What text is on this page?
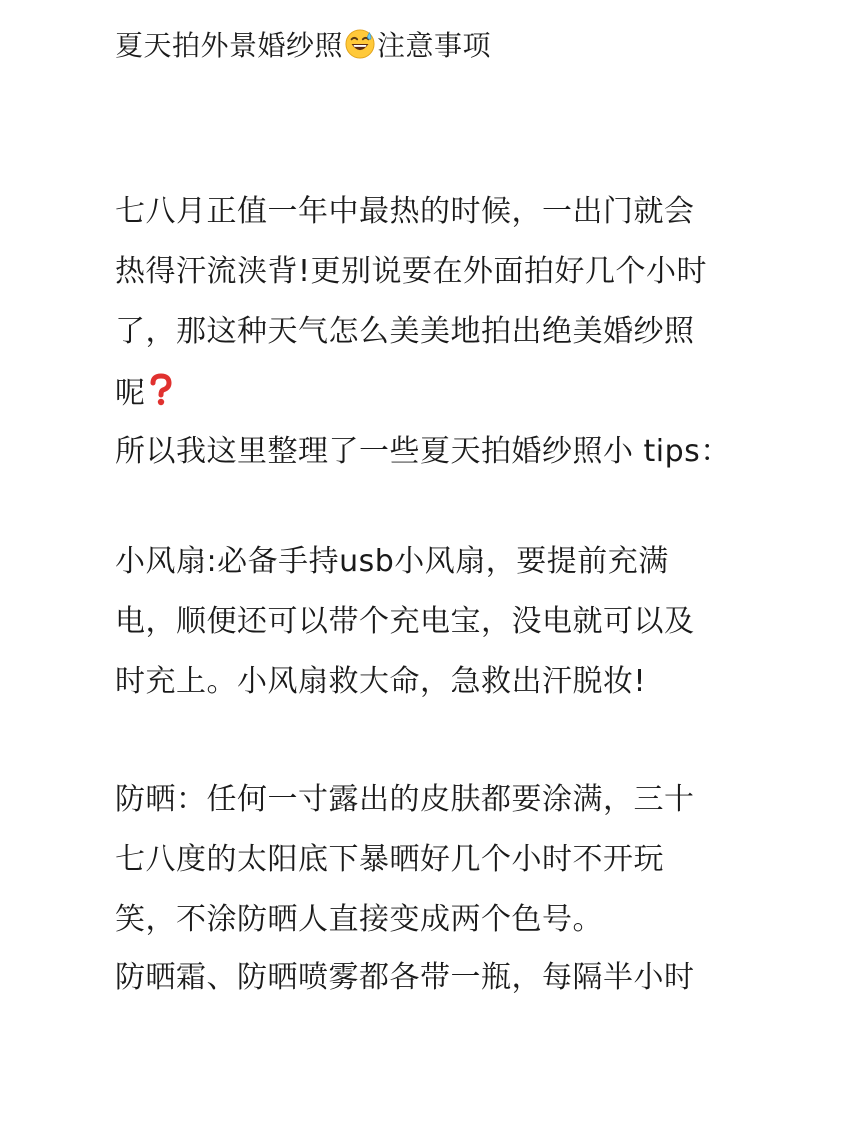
夏天拍外景婚纱照 注意事项
七八月正值一年中最热的时候，一出门就会
热得汗流浃背!更别说要在外面拍好几个小时
了，那这种天气怎么美美地拍出绝美婚纱照
呢
所以我这里整理了一些夏天拍婚纱照小 tips：
小风扇:必备手持usb小风扇，要提前充满
电，顺便还可以带个充电宝，没电就可以及
时充上。小风扇救大命，急救出汗脱妆!
防晒：任何一寸露出的皮肤都要涂满，三十
七八度的太阳底下暴晒好几个小时不开玩
笑，不涂防晒人直接变成两个色号。
防晒霜、防晒喷雾都各带一瓶，每隔半小时
